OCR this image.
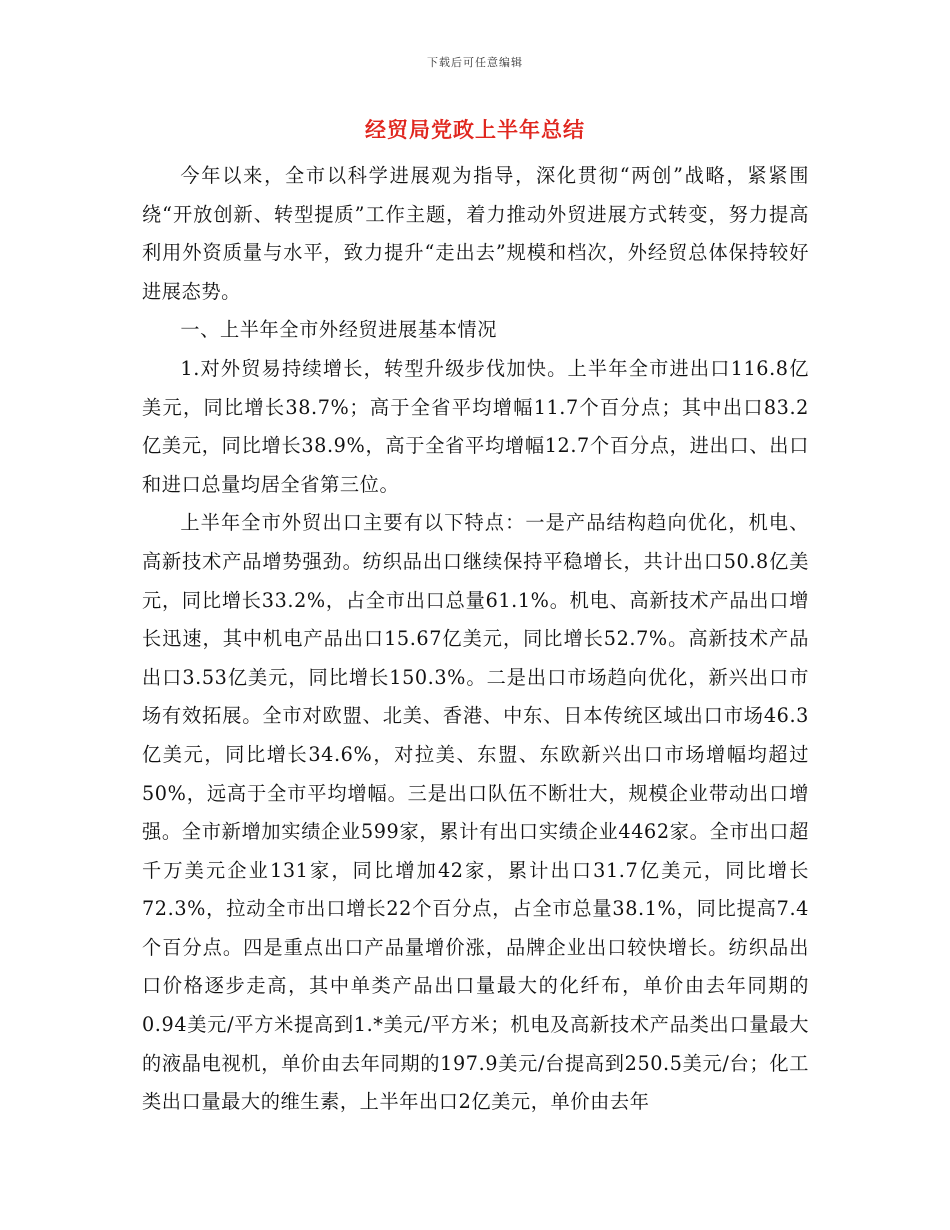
下载后可任意编辑
经贸局党政上半年总结

今年以来，全市以科学进展观为指导，深化贯彻“两创”战略，紧紧围绕“开放创新、转型提质”工作主题，着力推动外贸进展方式转变，努力提高利用外资质量与水平，致力提升“走出去”规模和档次，外经贸总体保持较好进展态势。

一、上半年全市外经贸进展基本情况

1.对外贸易持续增长，转型升级步伐加快。上半年全市进出口116.8亿美元，同比增长38.7%；高于全省平均增幅11.7个百分点；其中出口83.2亿美元，同比增长38.9%，高于全省平均增幅12.7个百分点，进出口、出口和进口总量均居全省第三位。

上半年全市外贸出口主要有以下特点：一是产品结构趋向优化，机电、高新技术产品增势强劲。纺织品出口继续保持平稳增长，共计出口50.8亿美元，同比增长33.2%，占全市出口总量61.1%。机电、高新技术产品出口增长迅速，其中机电产品出口15.67亿美元，同比增长52.7%。高新技术产品出口3.53亿美元，同比增长150.3%。二是出口市场趋向优化，新兴出口市场有效拓展。全市对欧盟、北美、香港、中东、日本传统区域出口市场46.3亿美元，同比增长34.6%，对拉美、东盟、东欧新兴出口市场增幅均超过50%，远高于全市平均增幅。三是出口队伍不断壮大，规模企业带动出口增强。全市新增加实绩企业599家，累计有出口实绩企业4462家。全市出口超千万美元企业131家，同比增加42家，累计出口31.7亿美元，同比增长72.3%，拉动全市出口增长22个百分点，占全市总量38.1%，同比提高7.4个百分点。四是重点出口产品量增价涨，品牌企业出口较快增长。纺织品出口价格逐步走高，其中单类产品出口量最大的化纤布，单价由去年同期的0.94美元/平方米提高到1.*美元/平方米；机电及高新技术产品类出口量最大的液晶电视机，单价由去年同期的197.9美元/台提高到250.5美元/台；化工类出口量最大的维生素，上半年出口2亿美元，单价由去年
